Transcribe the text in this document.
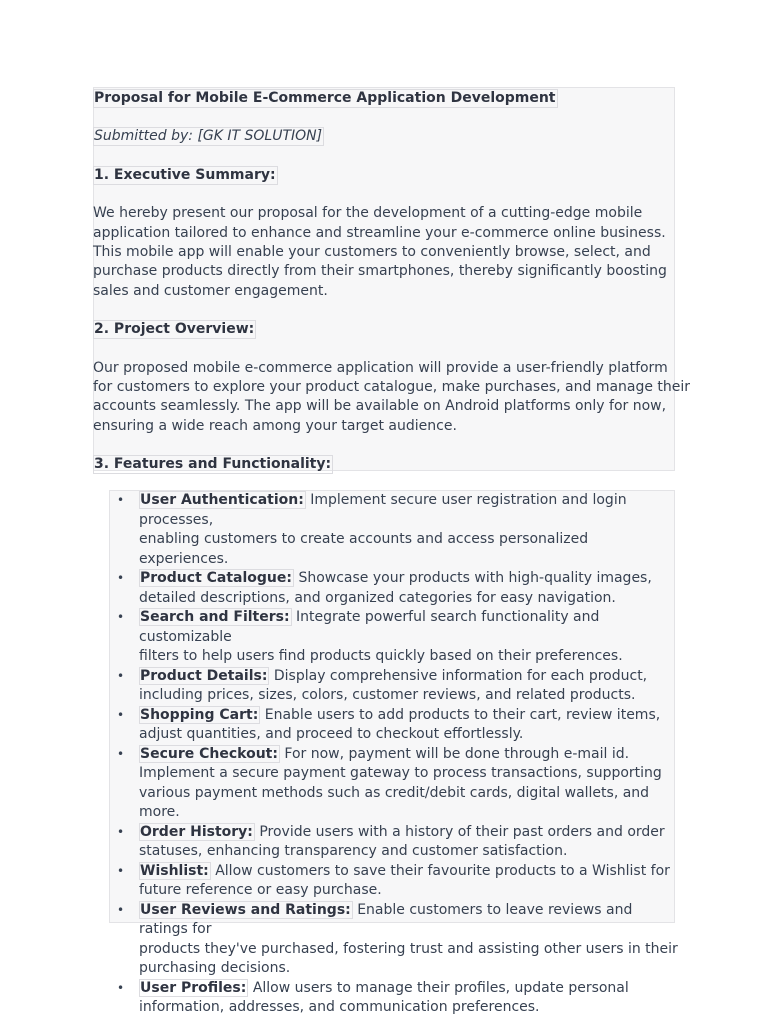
Proposal for Mobile E-Commerce Application Development

Submitted by: [GK IT SOLUTION]

1. Executive Summary:

We hereby present our proposal for the development of a cutting-edge mobile

application tailored to enhance and streamline your e-commerce online business.

This mobile app will enable your customers to conveniently browse, select, and

purchase products directly from their smartphones, thereby significantly boosting

sales and customer engagement.

2. Project Overview:

Our proposed mobile e-commerce application will provide a user-friendly platform

for customers to explore your product catalogue, make purchases, and manage their

accounts seamlessly. The app will be available on Android platforms only for now,

ensuring a wide reach among your target audience.

3. Features and Functionality:

• User Authentication: Implement secure user registration and login processes,
enabling customers to create accounts and access personalized experiences.
• Product Catalogue: Showcase your products with high-quality images,
detailed descriptions, and organized categories for easy navigation.
• Search and Filters: Integrate powerful search functionality and customizable
filters to help users find products quickly based on their preferences.
• Product Details: Display comprehensive information for each product,
including prices, sizes, colors, customer reviews, and related products.
• Shopping Cart: Enable users to add products to their cart, review items,
adjust quantities, and proceed to checkout effortlessly.
• Secure Checkout: For now, payment will be done through e-mail id.
Implement a secure payment gateway to process transactions, supporting
various payment methods such as credit/debit cards, digital wallets, and more.
• Order History: Provide users with a history of their past orders and order
statuses, enhancing transparency and customer satisfaction.
• Wishlist: Allow customers to save their favourite products to a Wishlist for
future reference or easy purchase.
• User Reviews and Ratings: Enable customers to leave reviews and ratings for
products they've purchased, fostering trust and assisting other users in their
purchasing decisions.
• User Profiles: Allow users to manage their profiles, update personal
information, addresses, and communication preferences.
